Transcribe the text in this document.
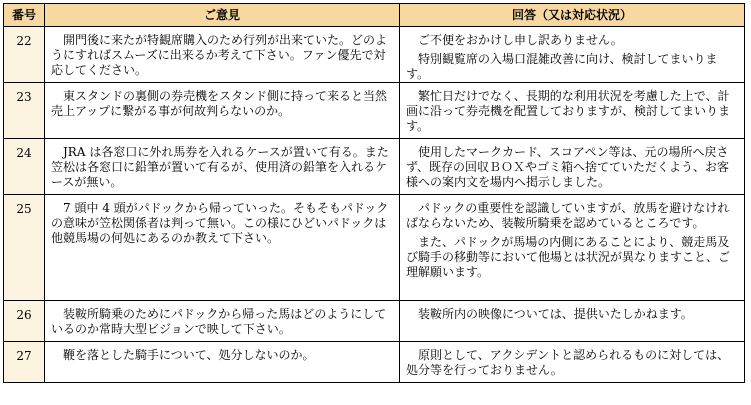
番号	ご意見	回答（又は対応状況）
22	　開門後に来たが特観席購入のため行列が出来ていた。どのようにすればスムーズに出来るか考えて下さい。ファン優先で対応してください。	　ご不便をおかけし申し訳ありません。

　特別観覧席の入場口混雑改善に向け、検討してまいります。

23	　東スタンドの裏側の券売機をスタンド側に持って来ると当然売上アップに繋がる事が何故判らないのか。	　繁忙日だけでなく、長期的な利用状況を考慮した上で、計画に沿って券売機を配置しておりますが、検討してまいります。

24	　JRA は各窓口に外れ馬券を入れるケースが置いて有る。また笠松は各窓口に鉛筆が置いて有るが、使用済の鉛筆を入れるケースが無い。	　使用したマークカード、スコアペン等は、元の場所へ戻さず、既存の回収ＢＯＸやゴミ箱へ捨てていただくよう、お客様への案内文を場内へ掲示しました。

25	　7 頭中 4 頭がパドックから帰っていった。そもそもパドックの意味が笠松関係者は判って無い。この様にひどいパドックは他競馬場の何処にあるのか教えて下さい。	　パドックの重要性を認識していますが、放馬を避けなければならないため、装鞍所騎乗を認めているところです。

　また、パドックが馬場の内側にあることにより、競走馬及び騎手の移動等において他場とは状況が異なりますこと、ご理解願います。

26	　装鞍所騎乗のためにパドックから帰った馬はどのようにしているのか常時大型ビジョンで映して下さい。	　装鞍所内の映像については、提供いたしかねます。

27	　鞭を落とした騎手について、処分しないのか。	　原則として、アクシデントと認められるものに対しては、処分等を行っておりません。
